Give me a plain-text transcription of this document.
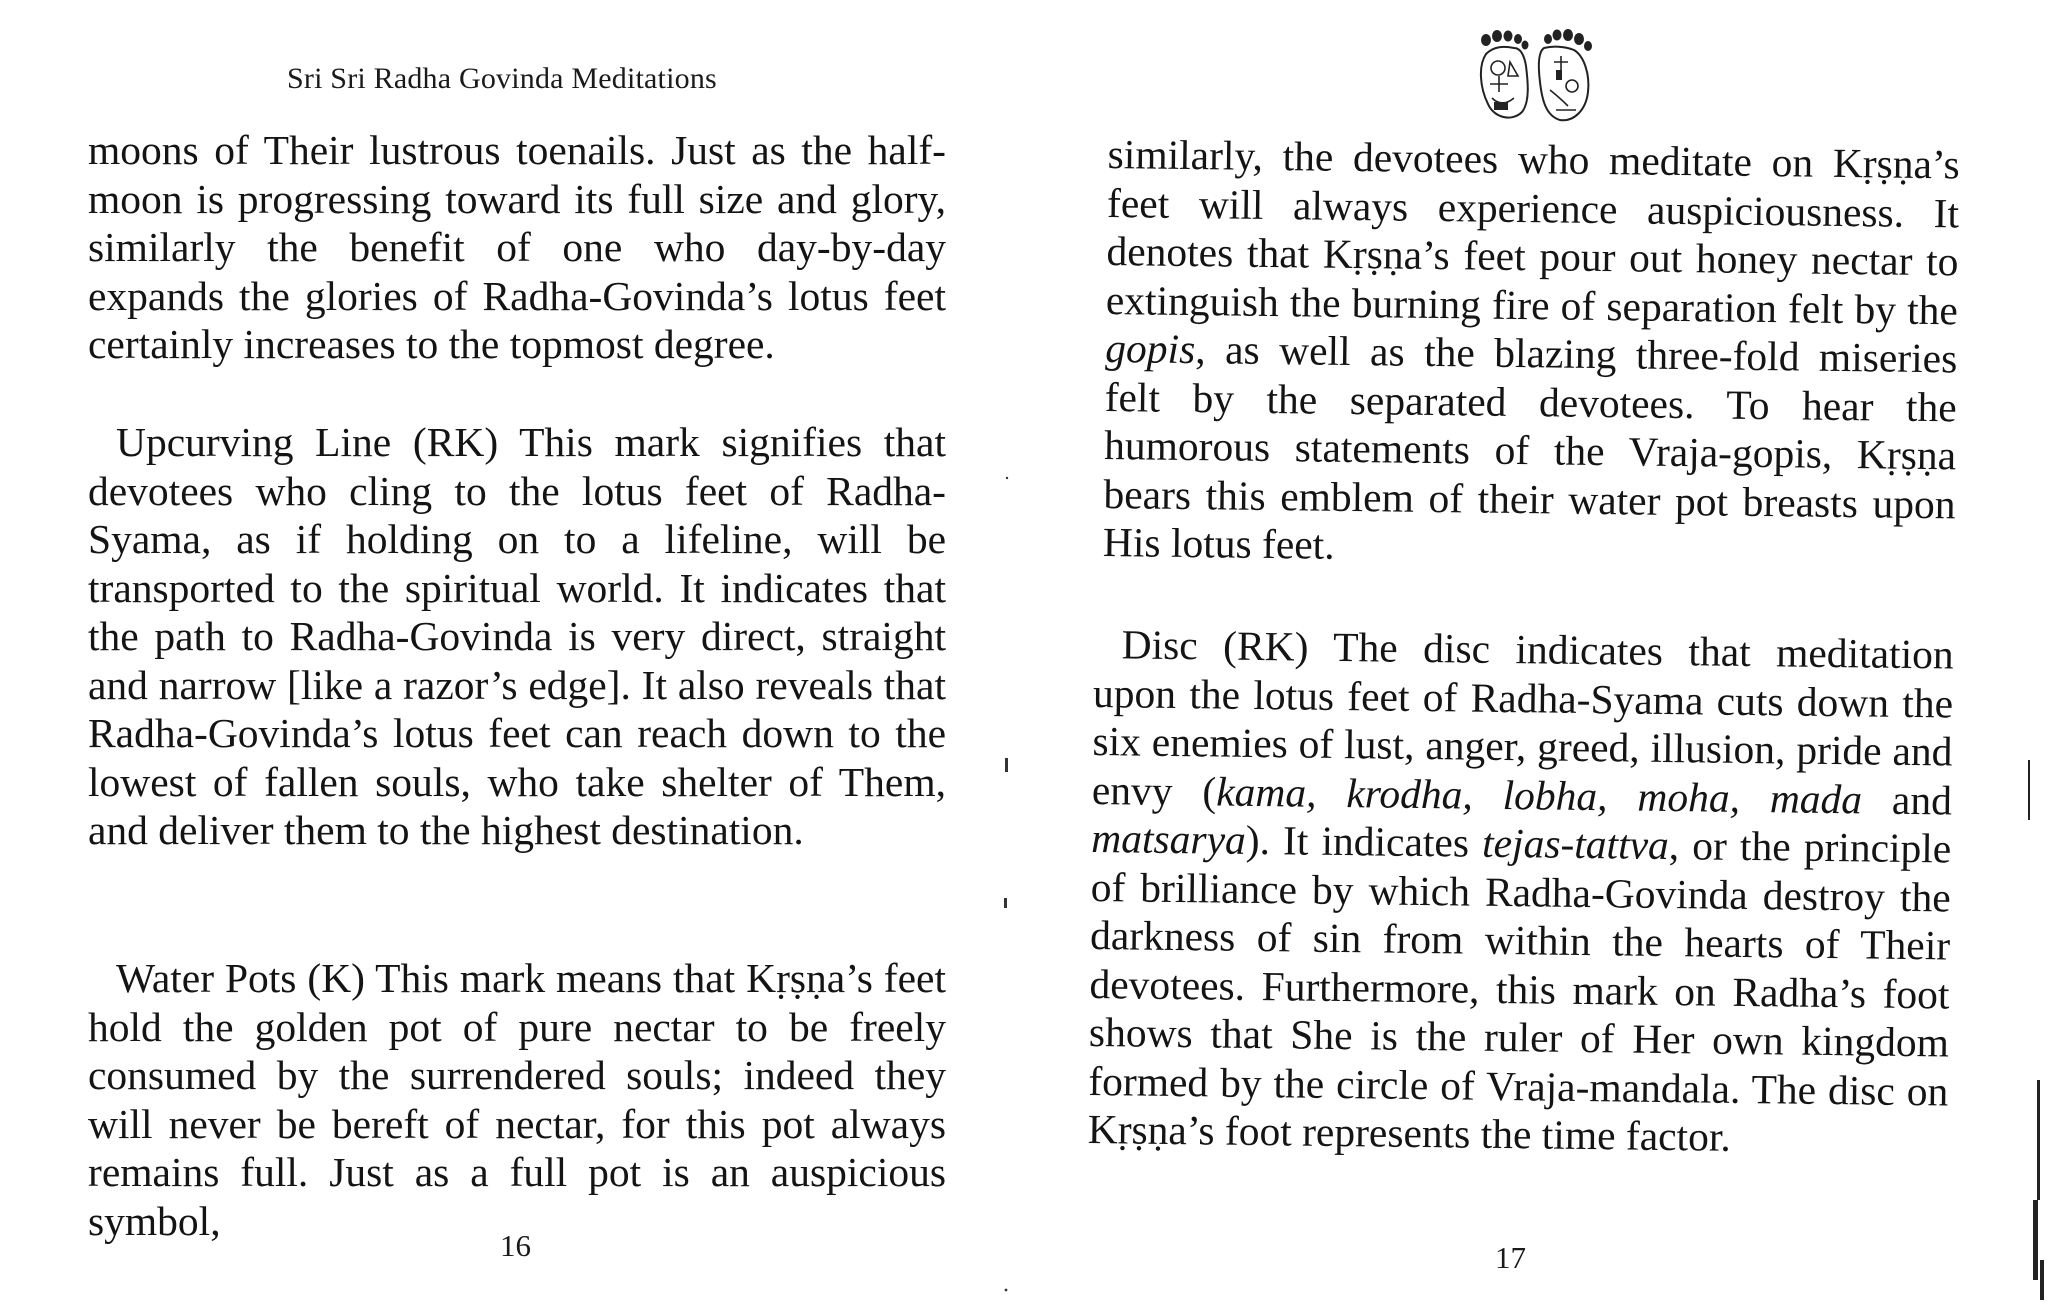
Sri Sri Radha Govinda Meditations

moons of Their lustrous toenails. Just as the half-moon is progressing toward its full size and glory, similarly the benefit of one who day-by-day expands the glories of Radha-Govinda’s lotus feet certainly increases to the topmost degree.

Upcurving Line (RK) This mark signifies that devotees who cling to the lotus feet of Radha-Syama, as if holding on to a lifeline, will be transported to the spiritual world. It indicates that the path to Radha-Govinda is very direct, straight and narrow [like a razor’s edge]. It also reveals that Radha-Govinda’s lotus feet can reach down to the lowest of fallen souls, who take shelter of Them, and deliver them to the highest destination.

Water Pots (K) This mark means that Kṛṣṇa’s feet hold the golden pot of pure nectar to be freely consumed by the surrendered souls; indeed they will never be bereft of nectar, for this pot always remains full. Just as a full pot is an auspicious symbol,

16

similarly, the devotees who meditate on Kṛṣṇa’s feet will always experience auspiciousness. It denotes that Kṛṣṇa’s feet pour out honey nectar to extinguish the burning fire of separation felt by the gopis, as well as the blazing three-fold miseries felt by the separated devotees. To hear the humorous statements of the Vraja-gopis, Kṛṣṇa bears this emblem of their water pot breasts upon His lotus feet.

Disc (RK) The disc indicates that meditation upon the lotus feet of Radha-Syama cuts down the six enemies of lust, anger, greed, illusion, pride and envy (kama, krodha, lobha, moha, mada and matsarya). It indicates tejas-tattva, or the principle of brilliance by which Radha-Govinda destroy the darkness of sin from within the hearts of Their devotees. Furthermore, this mark on Radha’s foot shows that She is the ruler of Her own kingdom formed by the circle of Vraja-mandala. The disc on Kṛṣṇa’s foot represents the time factor.

17
